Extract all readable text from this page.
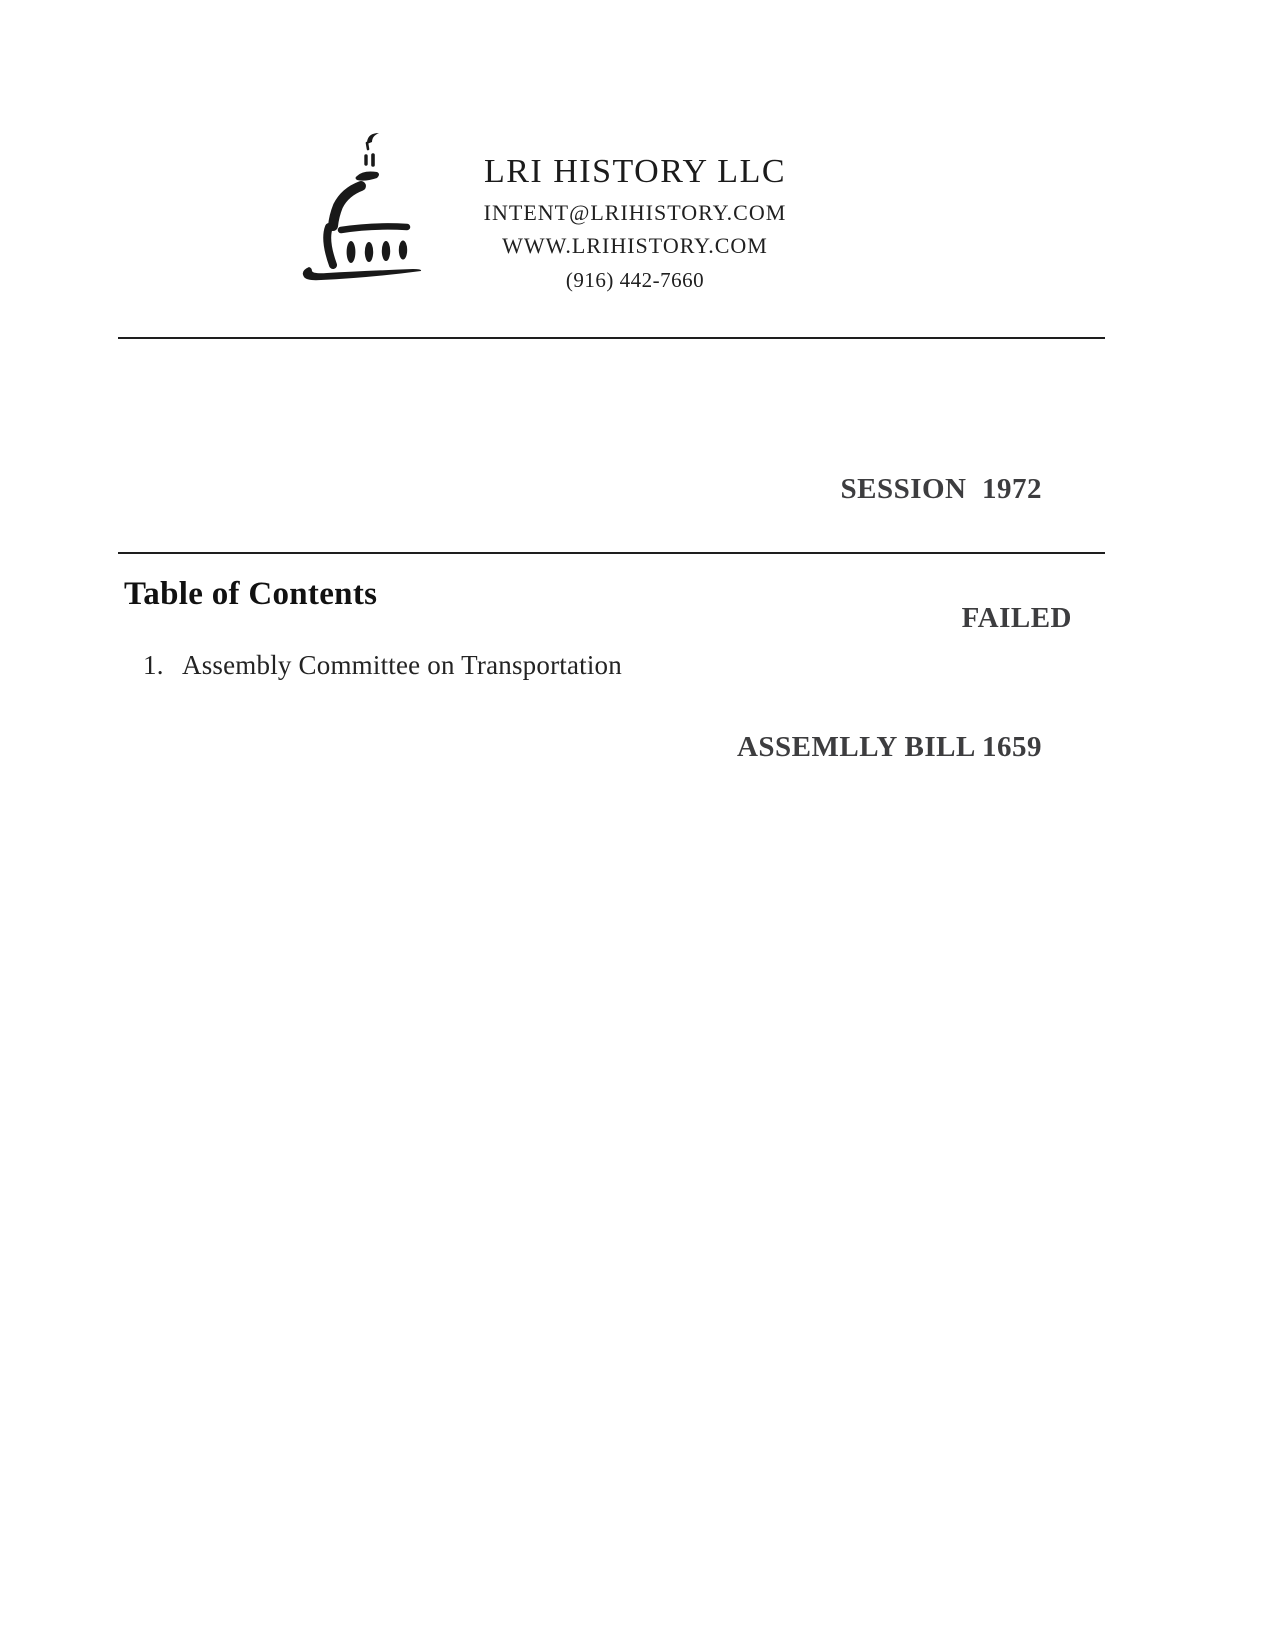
LRI HISTORY LLC
INTENT@LRIHISTORY.COM
WWW.LRIHISTORY.COM
(916) 442-7660

SESSION  1972

FAILED

ASSEMLLY BILL 1659

Table of Contents
1. Assembly Committee on Transportation
